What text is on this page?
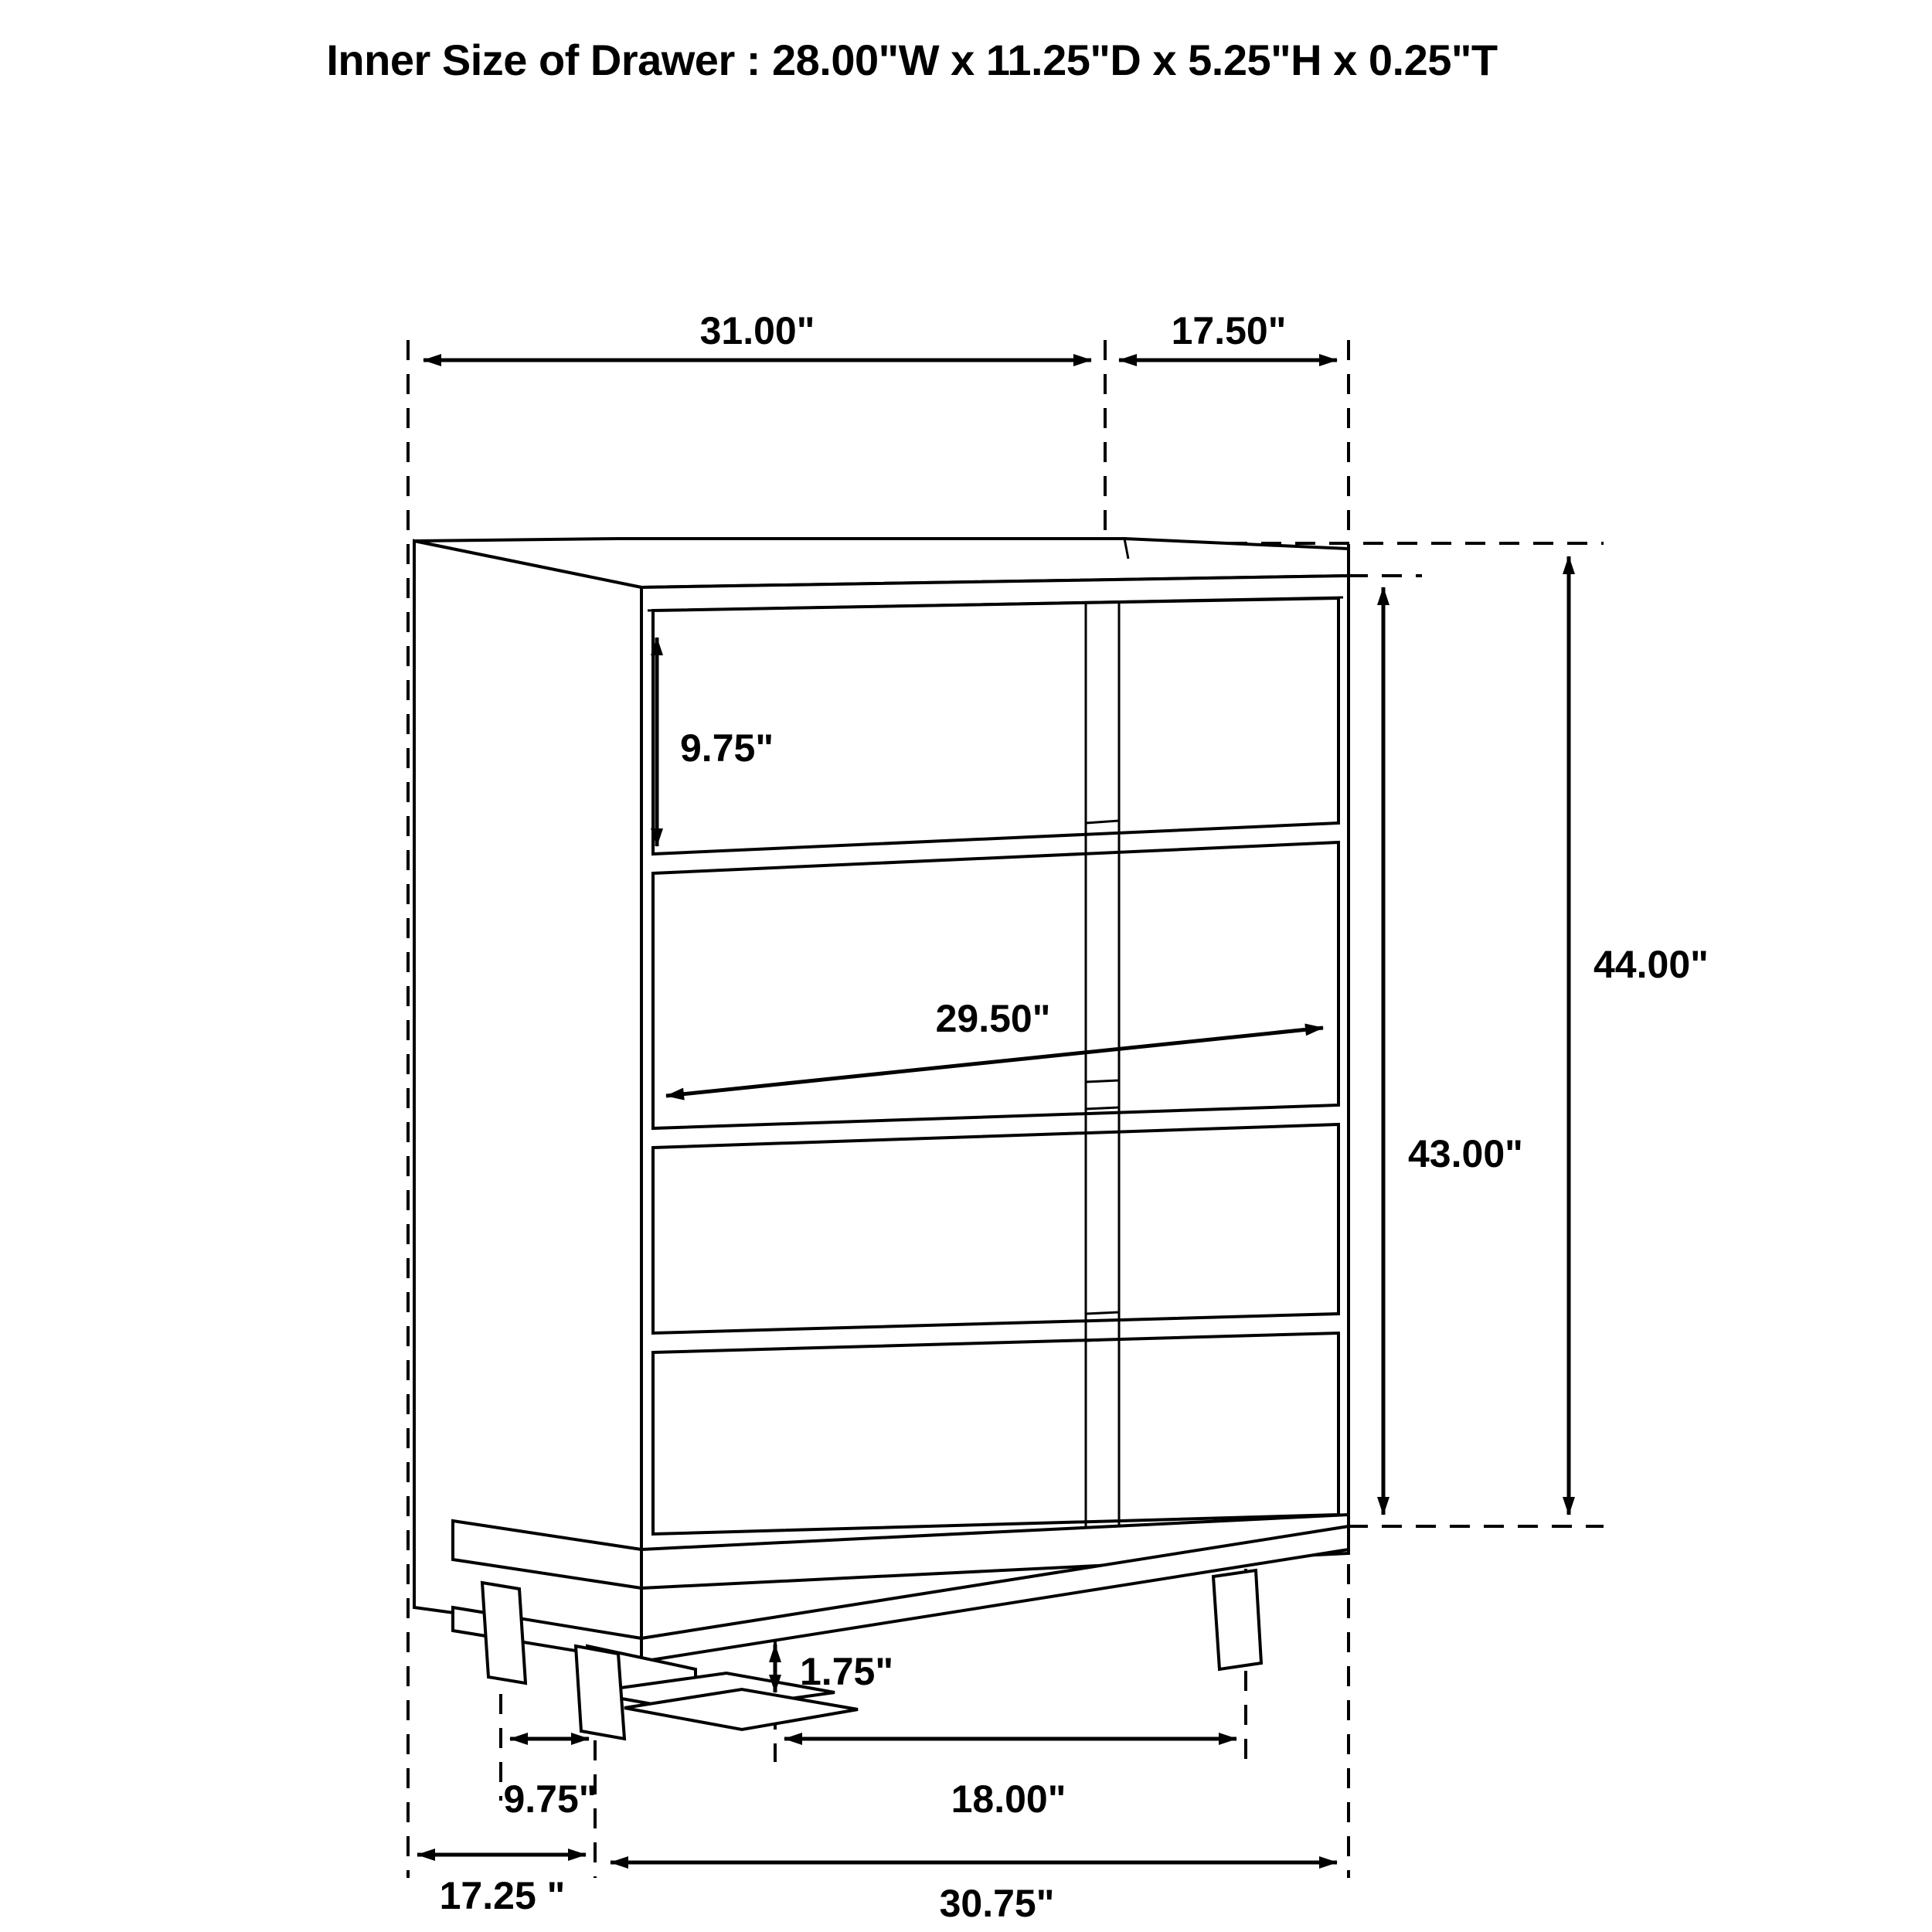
Inner Size of Drawer : 28.00"W x 11.25"D x 5.25"H x 0.25"T
31.00"	17.50"
9.75"
29.50"
44.00"
43.00"
1.75"
9.75"	18.00"
17.25 "	30.75"
